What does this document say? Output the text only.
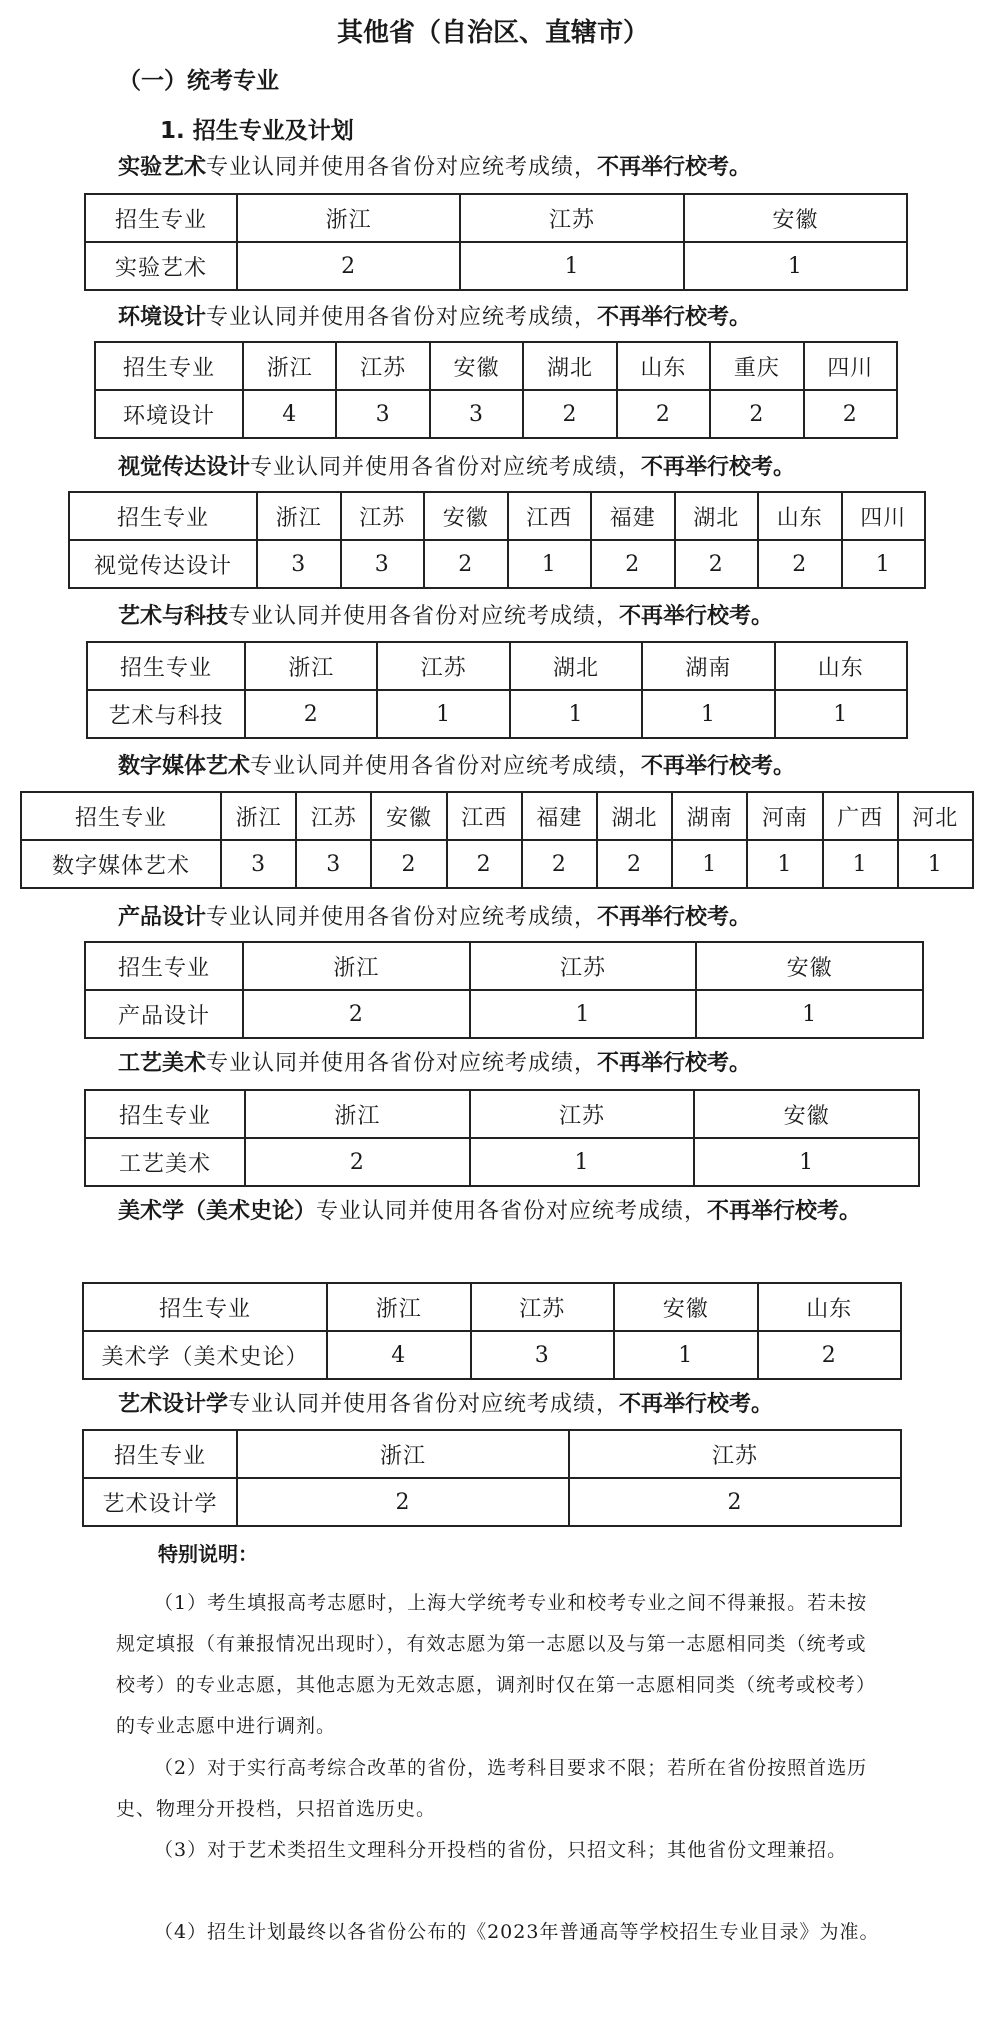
其他省（自治区、直辖市）
（一）统考专业
1. 招生专业及计划
招生专业	浙江	江苏	安徽
实验艺术	2	1	1
招生专业	浙江	江苏	安徽	湖北	山东	重庆	四川
环境设计	4	3	3	2	2	2	2
招生专业	浙江	江苏	安徽	江西	福建	湖北	山东	四川
视觉传达设计	3	3	2	1	2	2	2	1
招生专业	浙江	江苏	湖北	湖南	山东
艺术与科技	2	1	1	1	1
招生专业	浙江	江苏	安徽	江西	福建	湖北	湖南	河南	广西	河北
数字媒体艺术	3	3	2	2	2	2	1	1	1	1
招生专业	浙江	江苏	安徽
产品设计	2	1	1
招生专业	浙江	江苏	安徽
工艺美术	2	1	1
招生专业	浙江	江苏	安徽	山东
美术学（美术史论）	4	3	1	2
招生专业	浙江	江苏
艺术设计学	2	2
特别说明：
（1）考生填报高考志愿时，上海大学统考专业和校考专业之间不得兼报。若未按规定填报（有兼报情况出现时），有效志愿为第一志愿以及与第一志愿相同类（统考或校考）的专业志愿，其他志愿为无效志愿，调剂时仅在第一志愿相同类（统考或校考）的专业志愿中进行调剂。
（2）对于实行高考综合改革的省份，选考科目要求不限；若所在省份按照首选历史、物理分开投档，只招首选历史。
（3）对于艺术类招生文理科分开投档的省份，只招文科；其他省份文理兼招。
（4）招生计划最终以各省份公布的《2023年普通高等学校招生专业目录》为准。
实验艺术专业认同并使用各省份对应统考成绩，不再举行校考。
环境设计专业认同并使用各省份对应统考成绩，不再举行校考。
视觉传达设计专业认同并使用各省份对应统考成绩，不再举行校考。
艺术与科技专业认同并使用各省份对应统考成绩，不再举行校考。
数字媒体艺术专业认同并使用各省份对应统考成绩，不再举行校考。
产品设计专业认同并使用各省份对应统考成绩，不再举行校考。
工艺美术专业认同并使用各省份对应统考成绩，不再举行校考。
美术学（美术史论）专业认同并使用各省份对应统考成绩，不再举行校考。
艺术设计学专业认同并使用各省份对应统考成绩，不再举行校考。
